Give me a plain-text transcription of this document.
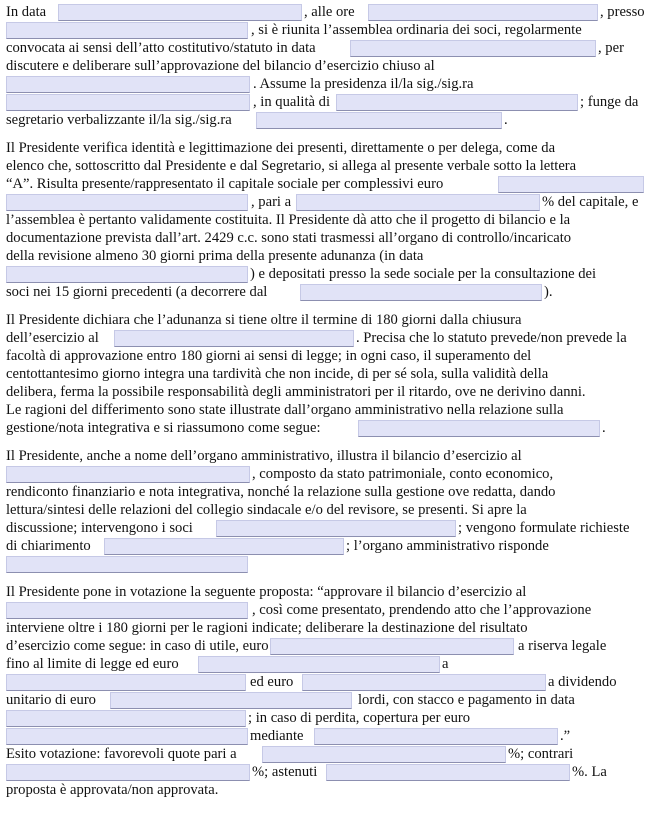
In data	, alle ore	, presso
, si è riunita l’assemblea ordinaria dei soci, regolarmente
convocata ai sensi dell’atto costitutivo/statuto in data	, per
discutere e deliberare sull’approvazione del bilancio d’esercizio chiuso al
. Assume la presidenza il/la sig./sig.ra
, in qualità di	; funge da
segretario verbalizzante il/la sig./sig.ra	.
Il Presidente verifica identità e legittimazione dei presenti, direttamente o per delega, come da
elenco che, sottoscritto dal Presidente e dal Segretario, si allega al presente verbale sotto la lettera
“A”. Risulta presente/rappresentato il capitale sociale per complessivi euro
, pari a	% del capitale, e
l’assemblea è pertanto validamente costituita. Il Presidente dà atto che il progetto di bilancio e la
documentazione prevista dall’art. 2429 c.c. sono stati trasmessi all’organo di controllo/incaricato
della revisione almeno 30 giorni prima della presente adunanza (in data
) e depositati presso la sede sociale per la consultazione dei
soci nei 15 giorni precedenti (a decorrere dal	).
Il Presidente dichiara che l’adunanza si tiene oltre il termine di 180 giorni dalla chiusura
dell’esercizio al	. Precisa che lo statuto prevede/non prevede la
facoltà di approvazione entro 180 giorni ai sensi di legge; in ogni caso, il superamento del
centottantesimo giorno integra una tardività che non incide, di per sé sola, sulla validità della
delibera, ferma la possibile responsabilità degli amministratori per il ritardo, ove ne derivino danni.
Le ragioni del differimento sono state illustrate dall’organo amministrativo nella relazione sulla
gestione/nota integrativa e si riassumono come segue:	.
Il Presidente, anche a nome dell’organo amministrativo, illustra il bilancio d’esercizio al
, composto da stato patrimoniale, conto economico,
rendiconto finanziario e nota integrativa, nonché la relazione sulla gestione ove redatta, dando
lettura/sintesi delle relazioni del collegio sindacale e/o del revisore, se presenti. Si apre la
discussione; intervengono i soci	; vengono formulate richieste
di chiarimento	; l’organo amministrativo risponde
Il Presidente pone in votazione la seguente proposta: “approvare il bilancio d’esercizio al
, così come presentato, prendendo atto che l’approvazione
interviene oltre i 180 giorni per le ragioni indicate; deliberare la destinazione del risultato
d’esercizio come segue: in caso di utile, euro	a riserva legale
fino al limite di legge ed euro	a
ed euro	a dividendo
unitario di euro	lordi, con stacco e pagamento in data
; in caso di perdita, copertura per euro
mediante	.”
Esito votazione: favorevoli quote pari a	%; contrari
%; astenuti	%. La
proposta è approvata/non approvata.
